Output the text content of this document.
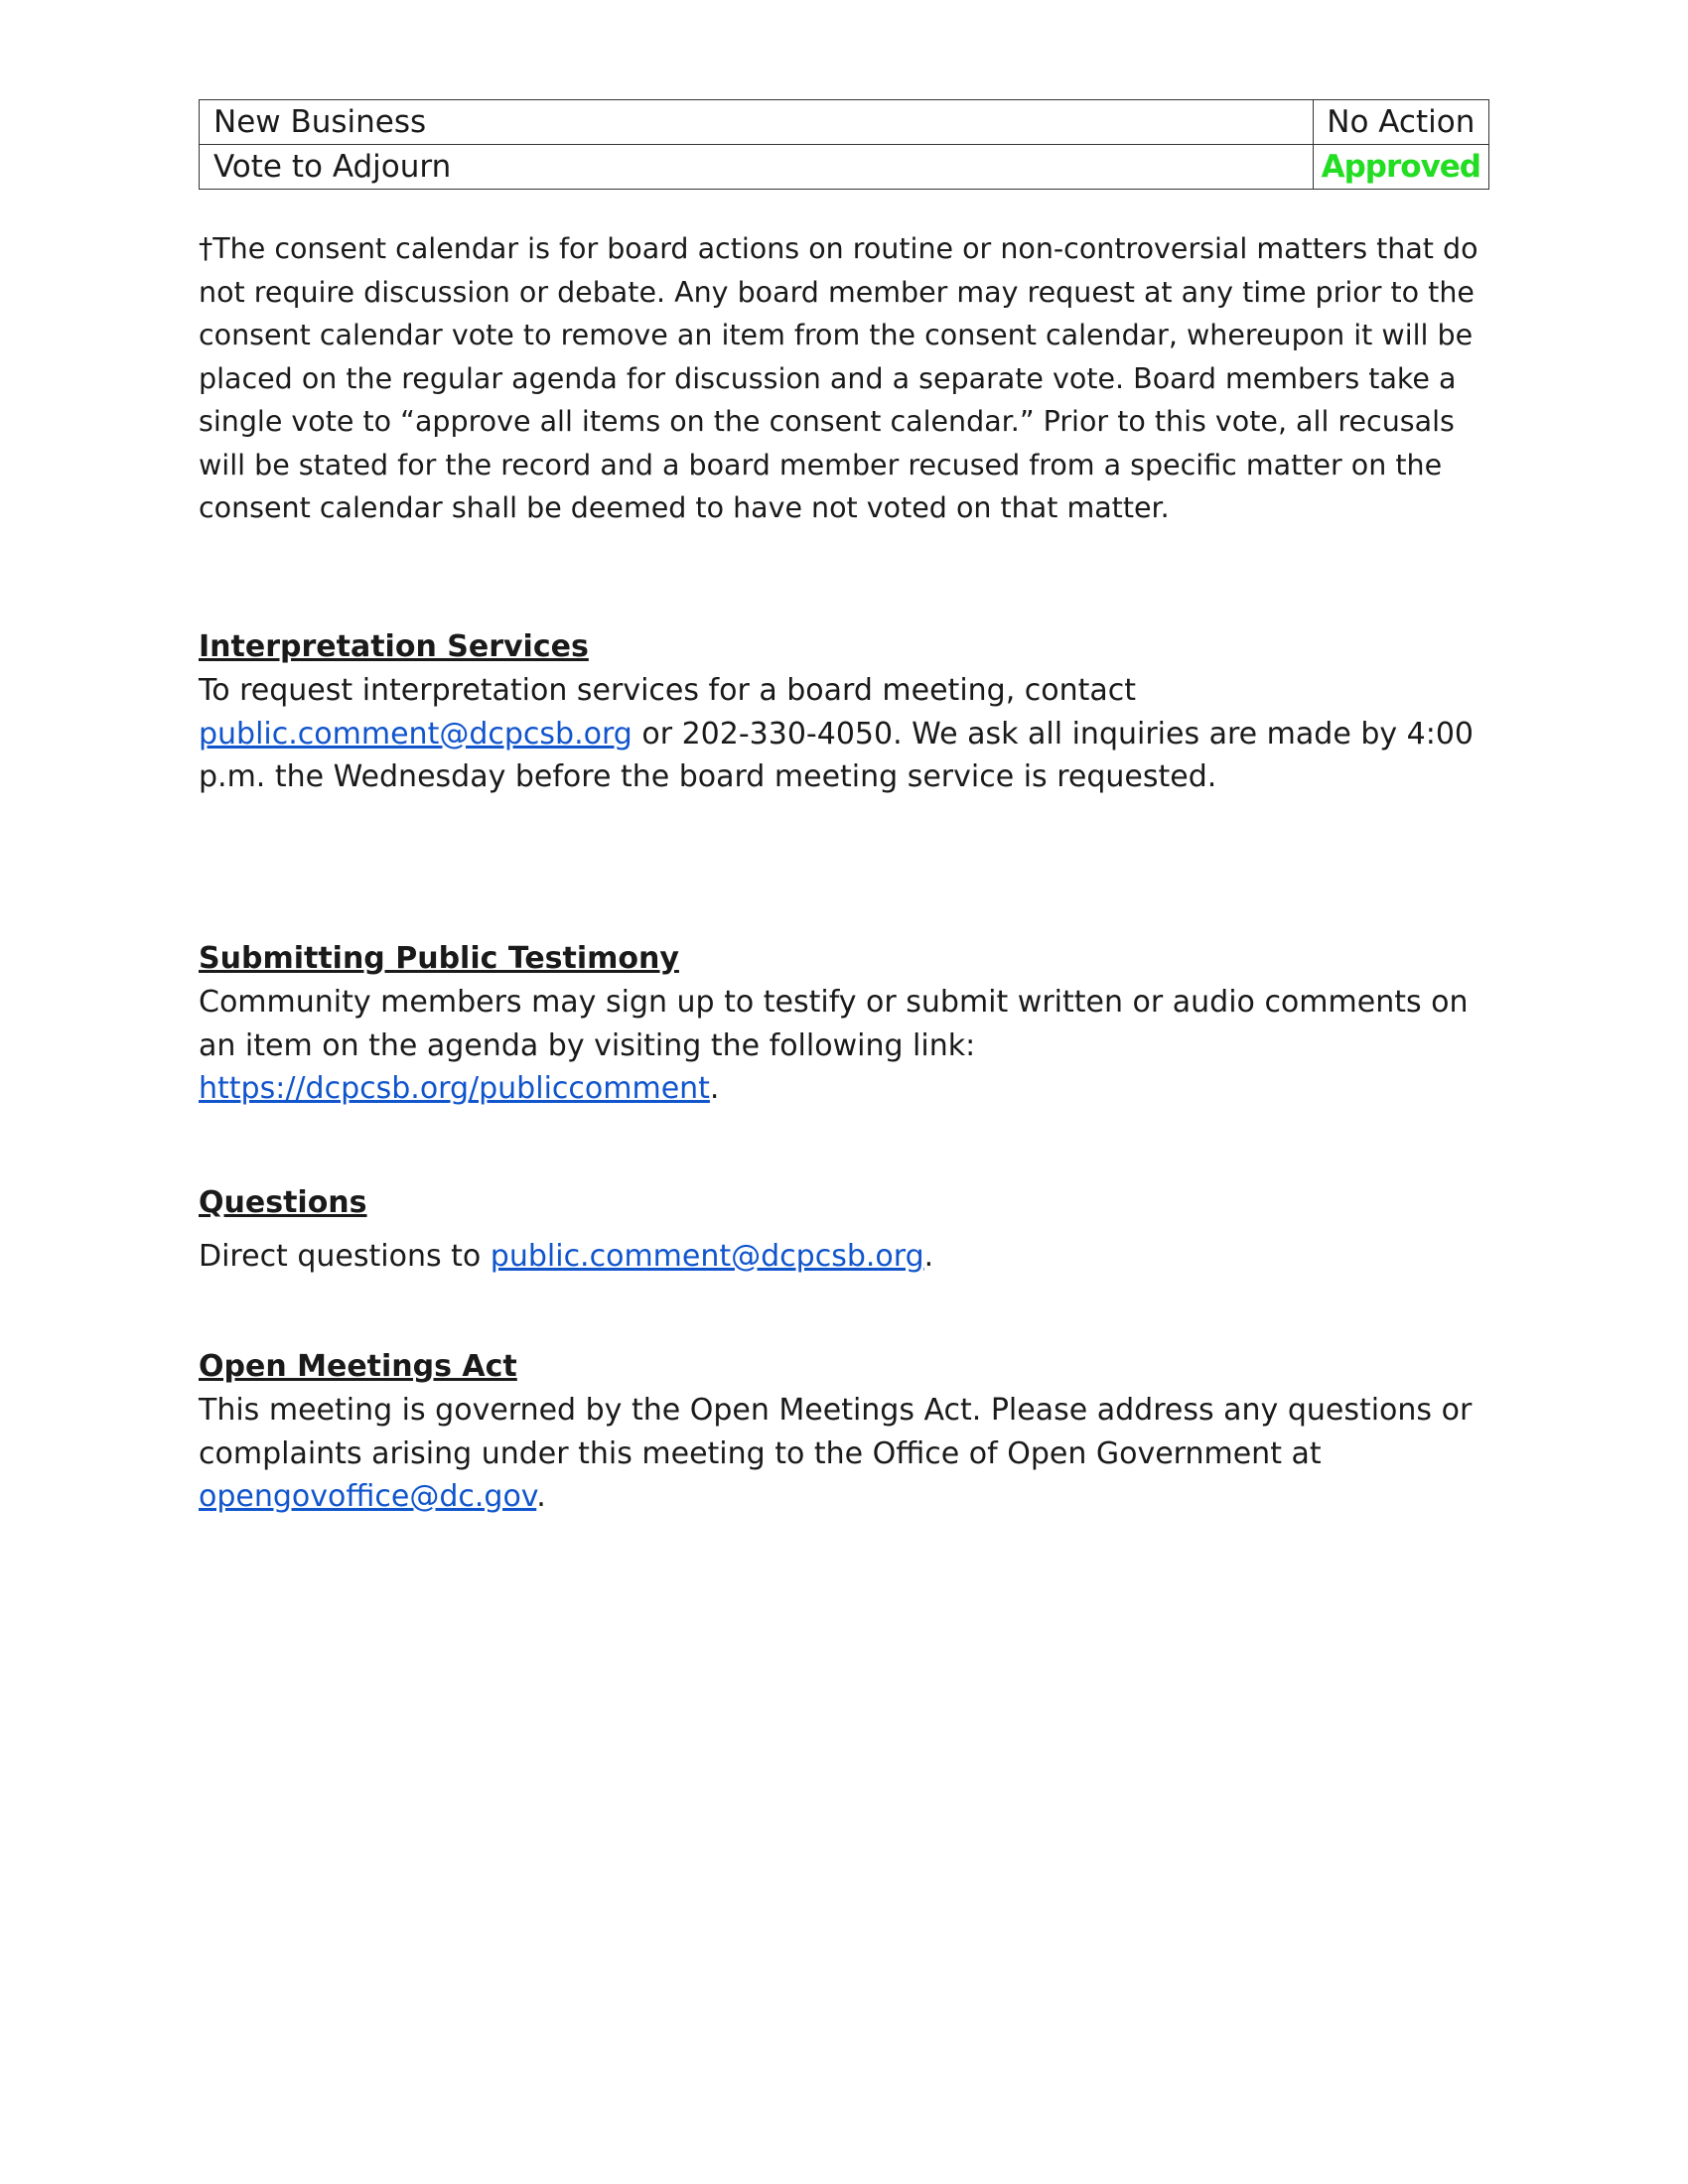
New Business	No Action
Vote to Adjourn	Approved

†The consent calendar is for board actions on routine or non-controversial matters that do not require discussion or debate. Any board member may request at any time prior to the consent calendar vote to remove an item from the consent calendar, whereupon it will be placed on the regular agenda for discussion and a separate vote. Board members take a single vote to “approve all items on the consent calendar.” Prior to this vote, all recusals will be stated for the record and a board member recused from a specific matter on the consent calendar shall be deemed to have not voted on that matter.

Interpretation Services

To request interpretation services for a board meeting, contact public.comment@dcpcsb.org or 202-330-4050. We ask all inquiries are made by 4:00 p.m. the Wednesday before the board meeting service is requested.

Submitting Public Testimony

Community members may sign up to testify or submit written or audio comments on an item on the agenda by visiting the following link: https://dcpcsb.org/publiccomment.

Questions

Direct questions to public.comment@dcpcsb.org.

Open Meetings Act

This meeting is governed by the Open Meetings Act. Please address any questions or complaints arising under this meeting to the Office of Open Government at opengovoffice@dc.gov.
